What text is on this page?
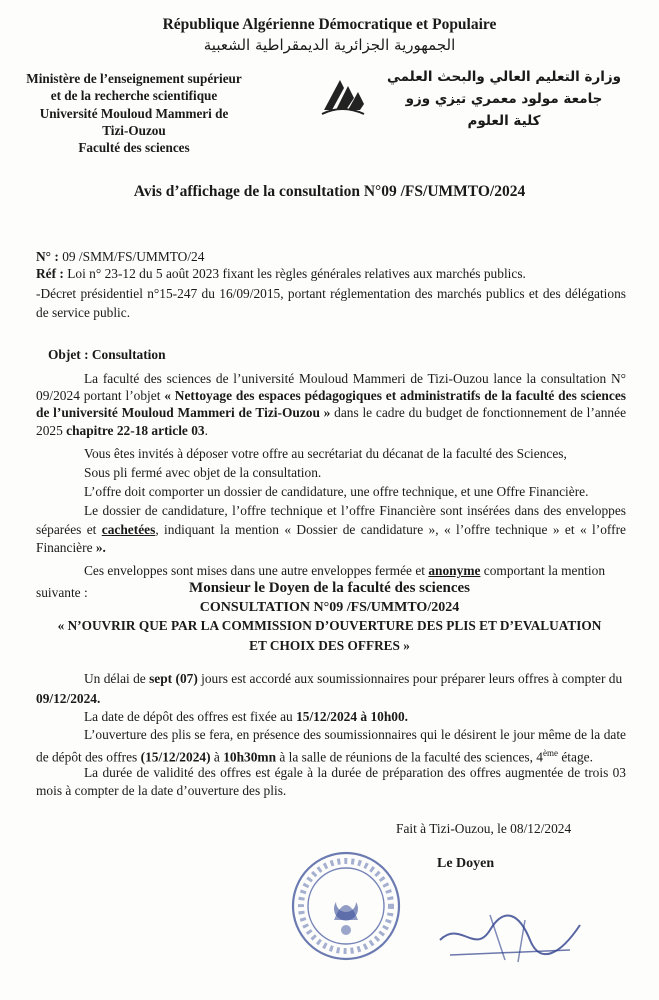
République Algérienne Démocratique et Populaire
الجمهورية الجزائرية الديمقراطية الشعبية
Ministère de l’enseignement supérieur
et de la recherche scientifique
Université Mouloud Mammeri de
Tizi-Ouzou
Faculté des sciences
وزارة التعليم العالي والبحث العلمي
جامعة مولود معمري تيزي وزو
كلية العلوم
Avis d’affichage de la consultation N°09 /FS/UMMTO/2024
N° : 09 /SMM/FS/UMMTO/24
Réf : Loi n° 23-12 du 5 août 2023 fixant les règles générales relatives aux marchés publics.
-Décret présidentiel n°15-247 du 16/09/2015, portant réglementation des marchés publics et des délégations de service public.
Objet : Consultation
La faculté des sciences de l’université Mouloud Mammeri de Tizi-Ouzou lance la consultation N° 09/2024 portant l’objet « Nettoyage des espaces pédagogiques et administratifs de la faculté des sciences de l’université Mouloud Mammeri de Tizi-Ouzou » dans le cadre du budget de fonctionnement de l’année 2025 chapitre 22-18 article 03.
Vous êtes invités à déposer votre offre au secrétariat du décanat de la faculté des Sciences,
Sous pli fermé avec objet de la consultation.
L’offre doit comporter un dossier de candidature, une offre technique, et une Offre Financière.
Le dossier de candidature, l’offre technique et l’offre Financière sont insérées dans des enveloppes séparées et cachetées, indiquant la mention « Dossier de candidature », « l’offre technique » et « l’offre Financière ».
Ces enveloppes sont mises dans une autre enveloppes fermée et anonyme comportant la mention
suivante :	Monsieur le Doyen de la faculté des sciences
CONSULTATION N°09 /FS/UMMTO/2024
« N’OUVRIR QUE PAR LA COMMISSION D’OUVERTURE DES PLIS ET D’EVALUATION
ET CHOIX DES OFFRES »
Un délai de sept (07) jours est accordé aux soumissionnaires pour préparer leurs offres à compter du
09/12/2024.
La date de dépôt des offres est fixée au 15/12/2024 à 10h00.
L’ouverture des plis se fera, en présence des soumissionnaires qui le désirent le jour même de la date de dépôt des offres (15/12/2024) à 10h30mn à la salle de réunions de la faculté des sciences, 4ème étage.
La durée de validité des offres est égale à la durée de préparation des offres augmentée de trois 03 mois à compter de la date d’ouverture des plis.
Fait à Tizi-Ouzou, le 08/12/2024
Le Doyen
